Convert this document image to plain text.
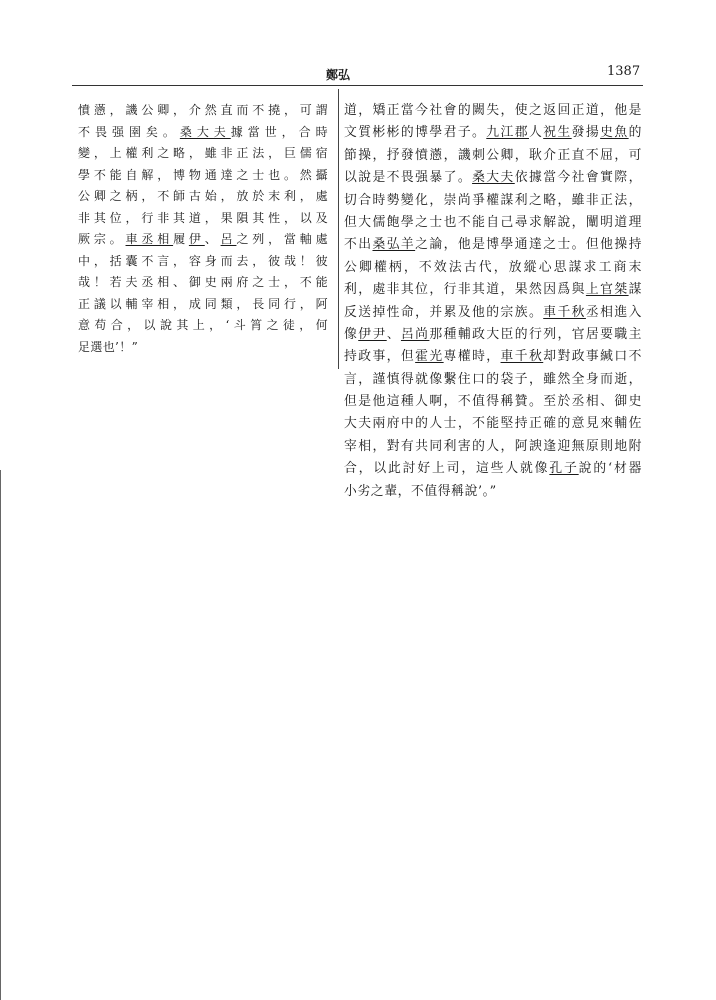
鄭弘	1387
憤懣，譏公卿，介然直而不撓，可謂
不畏强圉矣。桑大夫據當世，合時
變，上權利之略，雖非正法，巨儒宿
學不能自解，博物通達之士也。然攝
公卿之柄，不師古始，放於末利，處
非其位，行非其道，果隕其性，以及
厥宗。車丞相履伊、呂之列，當軸處
中，括囊不言，容身而去，彼哉！彼
哉！若夫丞相、御史兩府之士，不能
正議以輔宰相，成同類，長同行，阿
意苟合，以說其上，‘斗筲之徒，何
足選也’！”
道，矯正當今社會的闕失，使之返回正道，他是
文質彬彬的博學君子。九江郡人祝生發揚史魚的
節操，抒發憤懣，譏刺公卿，耿介正直不屈，可
以說是不畏强暴了。桑大夫依據當今社會實際，
切合時勢變化，崇尚爭權謀利之略，雖非正法，
但大儒飽學之士也不能自己尋求解說，闡明道理
不出桑弘羊之論，他是博學通達之士。但他操持
公卿權柄，不效法古代，放縱心思謀求工商末
利，處非其位，行非其道，果然因爲與上官桀謀
反送掉性命，并累及他的宗族。車千秋丞相進入
像伊尹、呂尚那種輔政大臣的行列，官居要職主
持政事，但霍光專權時，車千秋却對政事緘口不
言，謹慎得就像繫住口的袋子，雖然全身而逝，
但是他這種人啊，不值得稱贊。至於丞相、御史
大夫兩府中的人士，不能堅持正確的意見來輔佐
宰相，對有共同利害的人，阿諛逢迎無原則地附
合，以此討好上司，這些人就像孔子說的‘材器
小劣之輩，不值得稱說’。”
